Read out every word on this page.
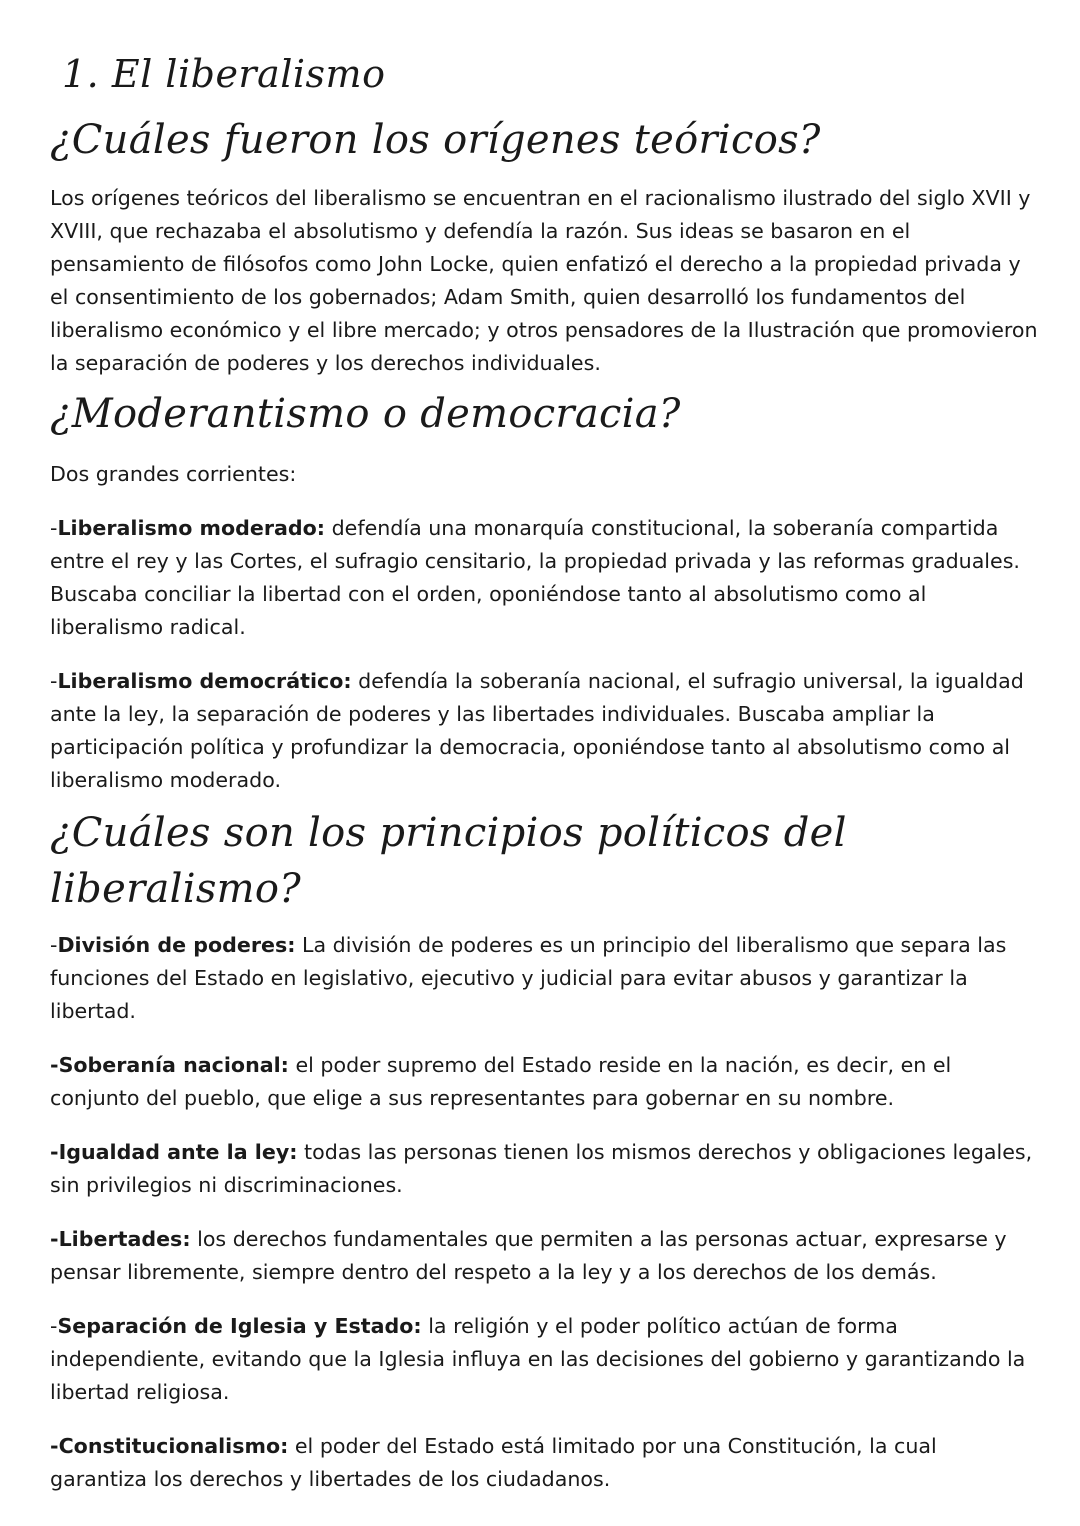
1. El liberalismo
¿Cuáles fueron los orígenes teóricos?

Los orígenes teóricos del liberalismo se encuentran en el racionalismo ilustrado del siglo XVII y XVIII, que rechazaba el absolutismo y defendía la razón. Sus ideas se basaron en el pensamiento de filósofos como John Locke, quien enfatizó el derecho a la propiedad privada y el consentimiento de los gobernados; Adam Smith, quien desarrolló los fundamentos del liberalismo económico y el libre mercado; y otros pensadores de la Ilustración que promovieron la separación de poderes y los derechos individuales.

¿Moderantismo o democracia?

Dos grandes corrientes:

-Liberalismo moderado: defendía una monarquía constitucional, la soberanía compartida entre el rey y las Cortes, el sufragio censitario, la propiedad privada y las reformas graduales. Buscaba conciliar la libertad con el orden, oponiéndose tanto al absolutismo como al liberalismo radical.

-Liberalismo democrático: defendía la soberanía nacional, el sufragio universal, la igualdad ante la ley, la separación de poderes y las libertades individuales. Buscaba ampliar la participación política y profundizar la democracia, oponiéndose tanto al absolutismo como al liberalismo moderado.

¿Cuáles son los principios políticos del liberalismo?

-División de poderes: La división de poderes es un principio del liberalismo que separa las funciones del Estado en legislativo, ejecutivo y judicial para evitar abusos y garantizar la libertad.

-Soberanía nacional: el poder supremo del Estado reside en la nación, es decir, en el conjunto del pueblo, que elige a sus representantes para gobernar en su nombre.

-Igualdad ante la ley: todas las personas tienen los mismos derechos y obligaciones legales, sin privilegios ni discriminaciones.

-Libertades: los derechos fundamentales que permiten a las personas actuar, expresarse y pensar libremente, siempre dentro del respeto a la ley y a los derechos de los demás.

-Separación de Iglesia y Estado: la religión y el poder político actúan de forma independiente, evitando que la Iglesia influya en las decisiones del gobierno y garantizando la libertad religiosa.

-Constitucionalismo: el poder del Estado está limitado por una Constitución, la cual garantiza los derechos y libertades de los ciudadanos.
